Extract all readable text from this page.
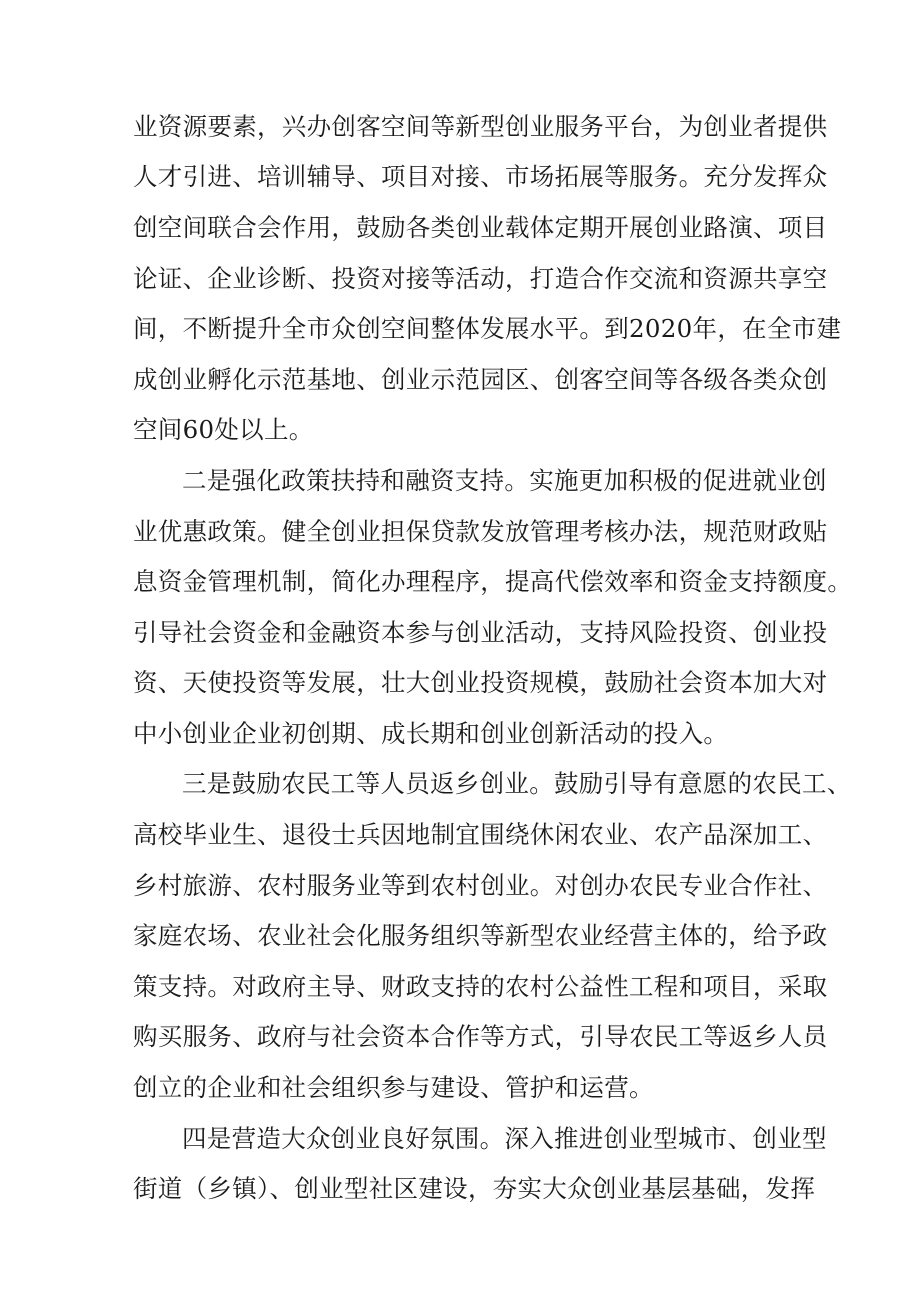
业资源要素，兴办创客空间等新型创业服务平台，为创业者提供

人才引进、培训辅导、项目对接、市场拓展等服务。充分发挥众

创空间联合会作用，鼓励各类创业载体定期开展创业路演、项目

论证、企业诊断、投资对接等活动，打造合作交流和资源共享空

间，不断提升全市众创空间整体发展水平。到2020年，在全市建

成创业孵化示范基地、创业示范园区、创客空间等各级各类众创

空间60处以上。

二是强化政策扶持和融资支持。实施更加积极的促进就业创

业优惠政策。健全创业担保贷款发放管理考核办法，规范财政贴

息资金管理机制，简化办理程序，提高代偿效率和资金支持额度。

引导社会资金和金融资本参与创业活动，支持风险投资、创业投

资、天使投资等发展，壮大创业投资规模，鼓励社会资本加大对

中小创业企业初创期、成长期和创业创新活动的投入。

三是鼓励农民工等人员返乡创业。鼓励引导有意愿的农民工、

高校毕业生、退役士兵因地制宜围绕休闲农业、农产品深加工、

乡村旅游、农村服务业等到农村创业。对创办农民专业合作社、

家庭农场、农业社会化服务组织等新型农业经营主体的，给予政

策支持。对政府主导、财政支持的农村公益性工程和项目，采取

购买服务、政府与社会资本合作等方式，引导农民工等返乡人员

创立的企业和社会组织参与建设、管护和运营。

四是营造大众创业良好氛围。深入推进创业型城市、创业型

街道（乡镇）、创业型社区建设，夯实大众创业基层基础，发挥
